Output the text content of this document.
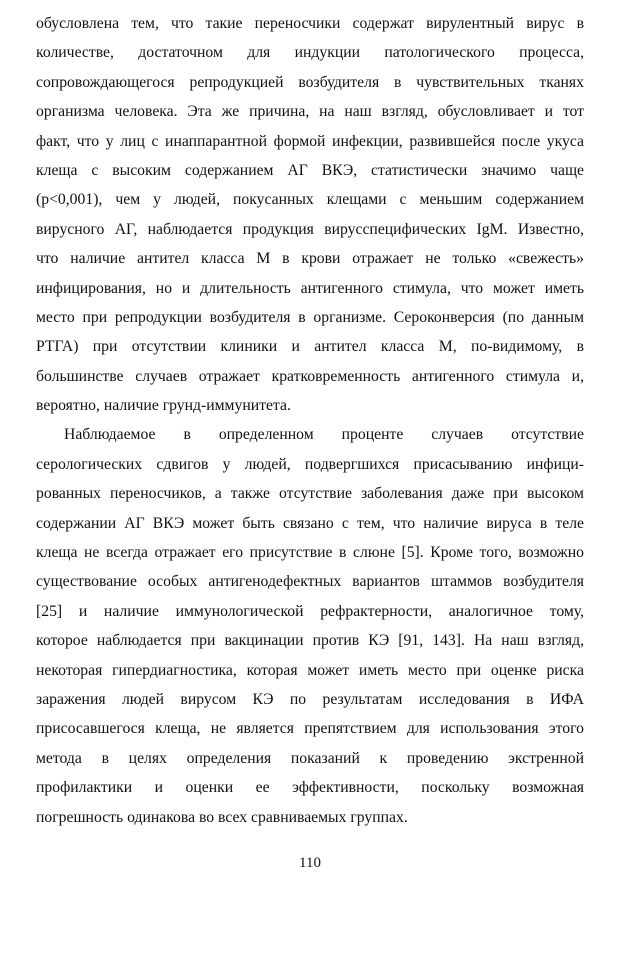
обусловлена тем, что такие переносчики содержат вирулентный вирус в
количестве, достаточном для индукции патологического процесса,
сопровождающегося репродукцией возбудителя в чувствительных тканях
организма человека. Эта же причина, на наш взгляд, обусловливает и тот
факт, что у лиц с инаппарантной формой инфекции, развившейся после укуса
клеща с высоким содержанием АГ ВКЭ, статистически значимо чаще
(р<0,001), чем у людей, покусанных клещами с меньшим содержанием
вирусного АГ, наблюдается продукция вирусспецифических IgM. Известно,
что наличие антител класса М в крови отражает не только «свежесть»
инфицирования, но и длительность антигенного стимула, что может иметь
место при репродукции возбудителя в организме. Сероконверсия (по данным
РТГА) при отсутствии клиники и антител класса М, по-видимому, в
большинстве случаев отражает кратковременность антигенного стимула и,
вероятно, наличие грунд-иммунитета.
Наблюдаемое в определенном проценте случаев отсутствие
серологических сдвигов у людей, подвергшихся присасыванию инфици-
рованных переносчиков, а также отсутствие заболевания даже при высоком
содержании АГ ВКЭ может быть связано с тем, что наличие вируса в теле
клеща не всегда отражает его присутствие в слюне [5]. Кроме того, возможно
существование особых антигенодефектных вариантов штаммов возбудителя
[25] и наличие иммунологической рефрактерности, аналогичное тому,
которое наблюдается при вакцинации против КЭ [91, 143]. На наш взгляд,
некоторая гипердиагностика, которая может иметь место при оценке риска
заражения людей вирусом КЭ по результатам исследования в ИФА
присосавшегося клеща, не является препятствием для использования этого
метода в целях определения показаний к проведению экстренной
профилактики и оценки ее эффективности, поскольку возможная
погрешность одинакова во всех сравниваемых группах.
110
